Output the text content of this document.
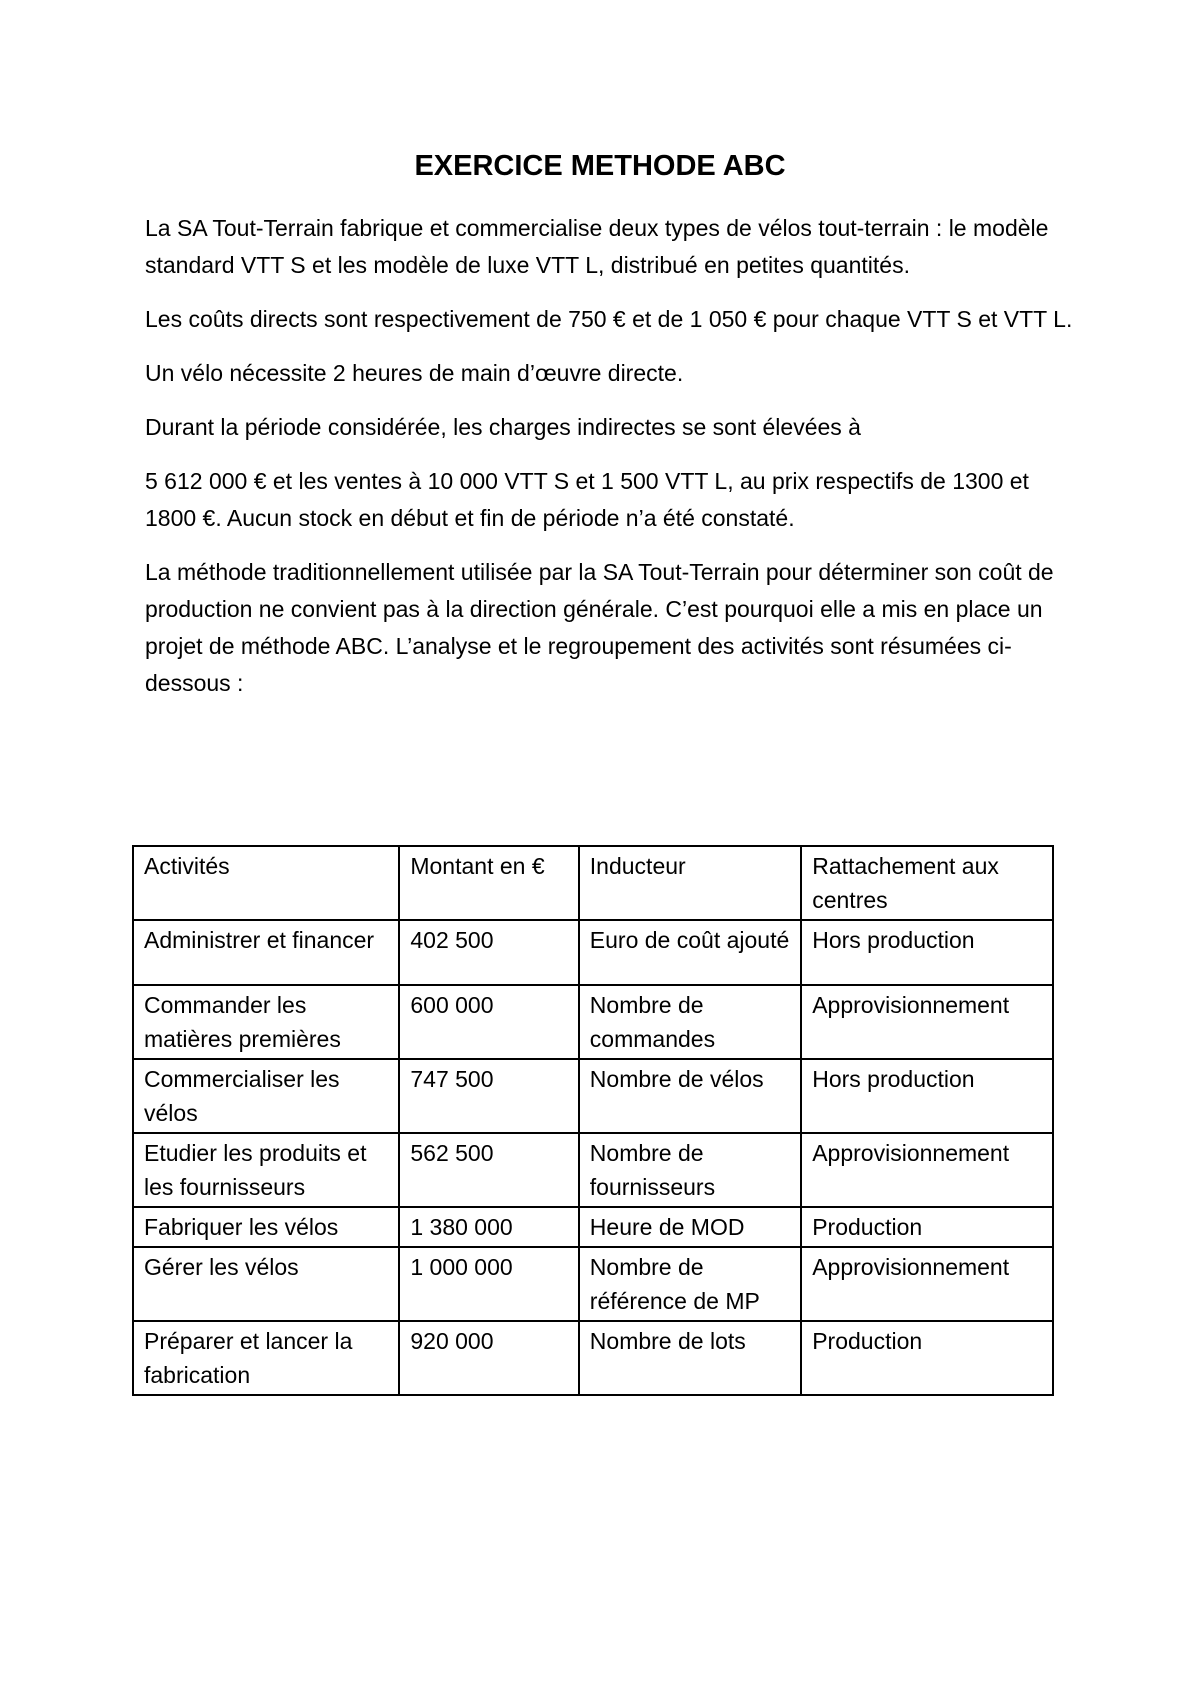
EXERCICE METHODE ABC

La SA Tout-Terrain fabrique et commercialise deux types de vélos tout-terrain : le modèle standard VTT S et les modèle de luxe VTT L, distribué en petites quantités.

Les coûts directs sont respectivement de 750 € et de 1 050 € pour chaque VTT S et VTT L.

Un vélo nécessite 2 heures de main d’œuvre directe.

Durant la période considérée, les charges indirectes se sont élevées à

5 612 000 € et les ventes à 10 000 VTT S et 1 500 VTT L, au prix respectifs de 1300 et 1800 €. Aucun stock en début et fin de période n’a été constaté.

La méthode traditionnellement utilisée par la SA Tout-Terrain pour déterminer son coût de production ne convient pas à la direction générale. C’est pourquoi elle a mis en place un projet de méthode ABC. L’analyse et le regroupement des activités sont résumées ci-dessous :

Activités	Montant en €	Inducteur	Rattachement aux centres
Administrer et financer	402 500	Euro de coût ajouté	Hors production
Commander les matières premières	600 000	Nombre de commandes	Approvisionnement
Commercialiser les vélos	747 500	Nombre de vélos	Hors production
Etudier les produits et les fournisseurs	562 500	Nombre de fournisseurs	Approvisionnement
Fabriquer les vélos	1 380 000	Heure de MOD	Production
Gérer les vélos	1 000 000	Nombre de référence de MP	Approvisionnement
Préparer et lancer la fabrication	920 000	Nombre de lots	Production
